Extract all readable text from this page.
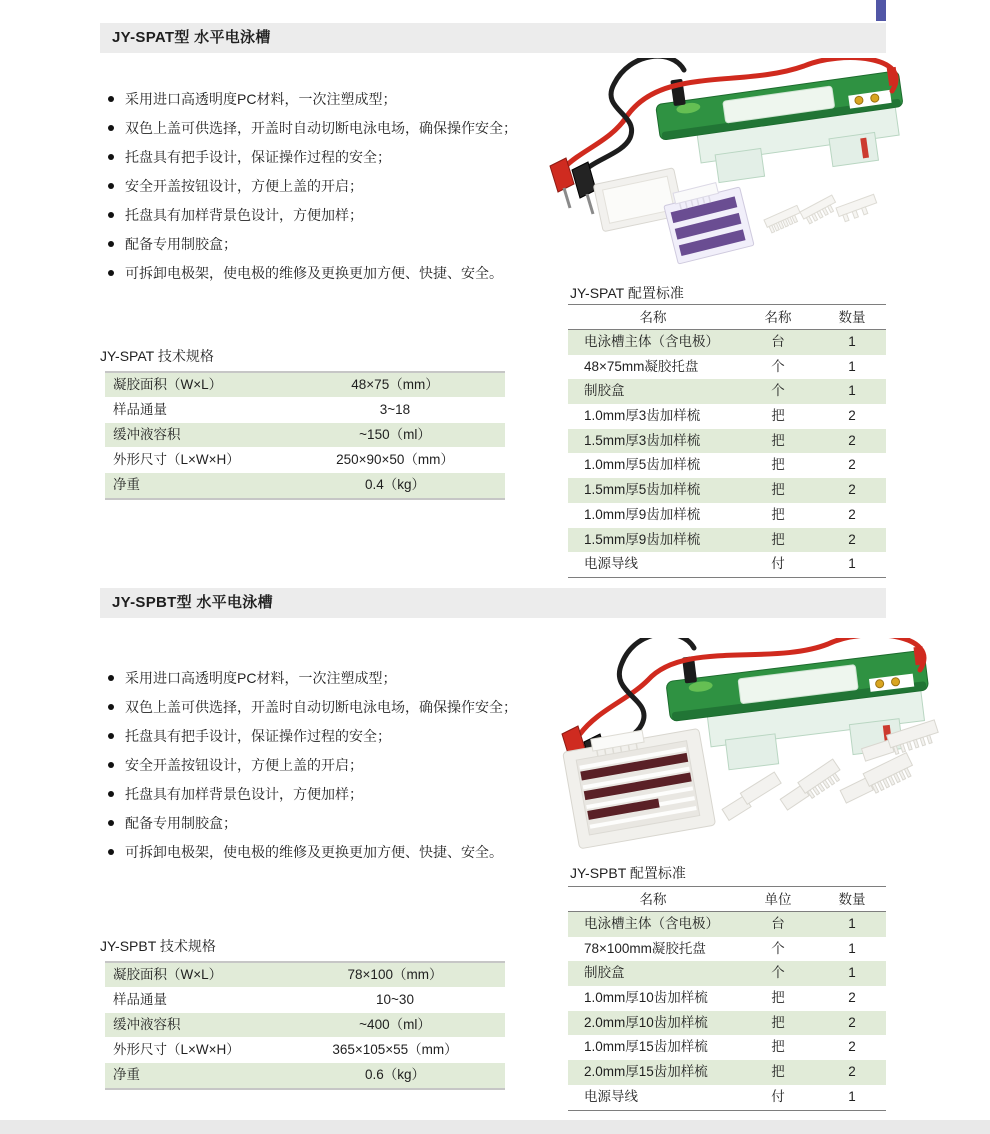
JY-SPAT型 水平电泳槽
采用进口高透明度PC材料，一次注塑成型；
双色上盖可供选择，开盖时自动切断电泳电场，确保操作安全；
托盘具有把手设计，保证操作过程的安全；
安全开盖按钮设计，方便上盖的开启；
托盘具有加样背景色设计，方便加样；
配备专用制胶盒；
可拆卸电极架，使电极的维修及更换更加方便、快捷、安全。
JY-SPAT 配置标准
名称	名称	数量
电泳槽主体（含电极）	台	1
48×75mm凝胶托盘	个	1
制胶盒	个	1
1.0mm厚3齿加样梳	把	2
1.5mm厚3齿加样梳	把	2
1.0mm厚5齿加样梳	把	2
1.5mm厚5齿加样梳	把	2
1.0mm厚9齿加样梳	把	2
1.5mm厚9齿加样梳	把	2
电源导线	付	1
JY-SPAT 技术规格
凝胶面积（W×L）	48×75（mm）
样品通量	3~18
缓冲液容积	~150（ml）
外形尺寸（L×W×H）	250×90×50（mm）
净重	0.4（kg）
JY-SPBT型 水平电泳槽
采用进口高透明度PC材料，一次注塑成型；
双色上盖可供选择，开盖时自动切断电泳电场，确保操作安全；
托盘具有把手设计，保证操作过程的安全；
安全开盖按钮设计，方便上盖的开启；
托盘具有加样背景色设计，方便加样；
配备专用制胶盒；
可拆卸电极架，使电极的维修及更换更加方便、快捷、安全。
JY-SPBT 配置标准
名称	单位	数量
电泳槽主体（含电极）	台	1
78×100mm凝胶托盘	个	1
制胶盒	个	1
1.0mm厚10齿加样梳	把	2
2.0mm厚10齿加样梳	把	2
1.0mm厚15齿加样梳	把	2
2.0mm厚15齿加样梳	把	2
电源导线	付	1
JY-SPBT 技术规格
凝胶面积（W×L）	78×100（mm）
样品通量	10~30
缓冲液容积	~400（ml）
外形尺寸（L×W×H）	365×105×55（mm）
净重	0.6（kg）
